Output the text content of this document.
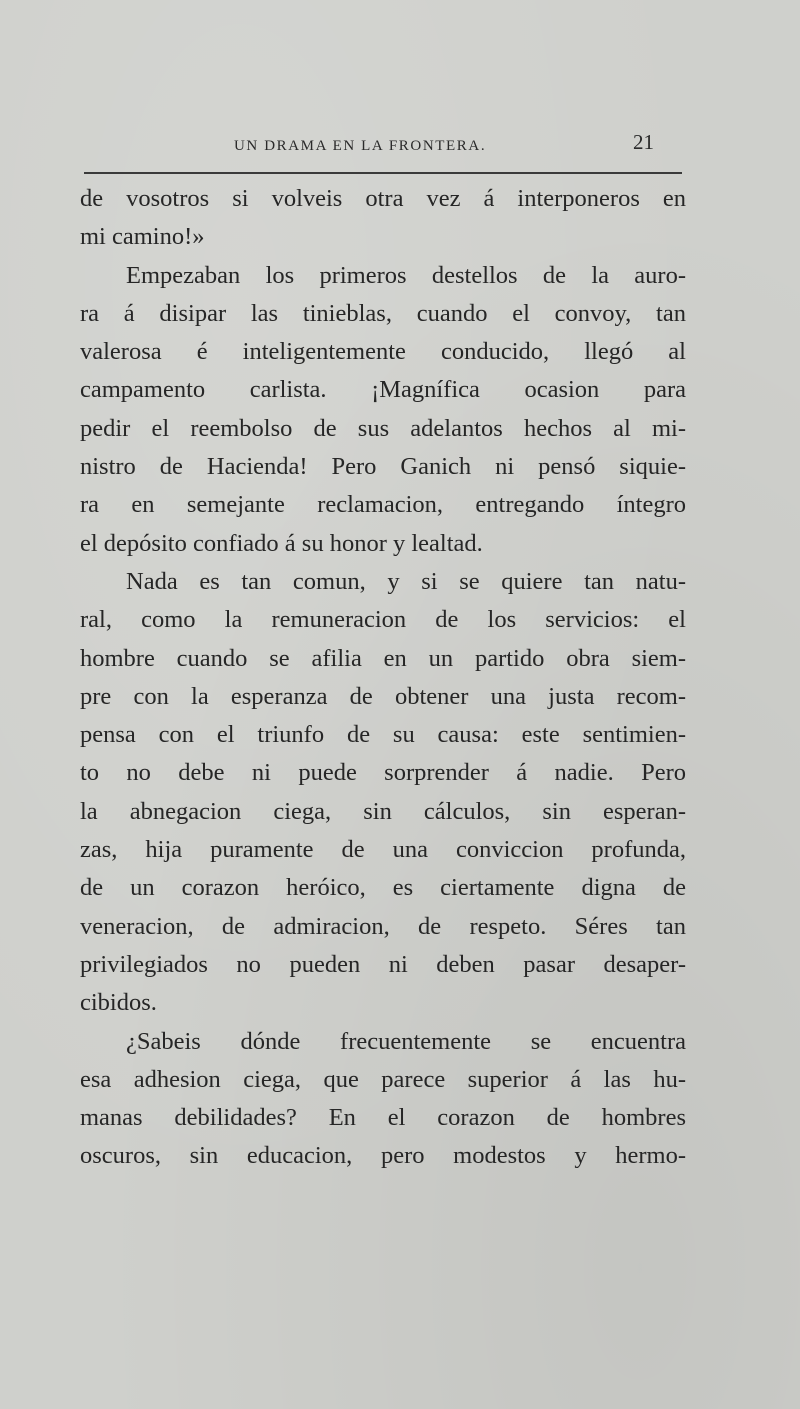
UN DRAMA EN LA FRONTERA.	21
de vosotros si volveis otra vez á interponeros en
mi camino!»
Empezaban los primeros destellos de la auro-
ra á disipar las tinieblas, cuando el convoy, tan
valerosa é inteligentemente conducido, llegó al
campamento carlista. ¡Magnífica ocasion para
pedir el reembolso de sus adelantos hechos al mi-
nistro de Hacienda! Pero Ganich ni pensó siquie-
ra en semejante reclamacion, entregando íntegro
el depósito confiado á su honor y lealtad.
Nada es tan comun, y si se quiere tan natu-
ral, como la remuneracion de los servicios: el
hombre cuando se afilia en un partido obra siem-
pre con la esperanza de obtener una justa recom-
pensa con el triunfo de su causa: este sentimien-
to no debe ni puede sorprender á nadie. Pero
la abnegacion ciega, sin cálculos, sin esperan-
zas, hija puramente de una conviccion profunda,
de un corazon heróico, es ciertamente digna de
veneracion, de admiracion, de respeto. Séres tan
privilegiados no pueden ni deben pasar desaper-
cibidos.
¿Sabeis dónde frecuentemente se encuentra
esa adhesion ciega, que parece superior á las hu-
manas debilidades? En el corazon de hombres
oscuros, sin educacion, pero modestos y hermo-
